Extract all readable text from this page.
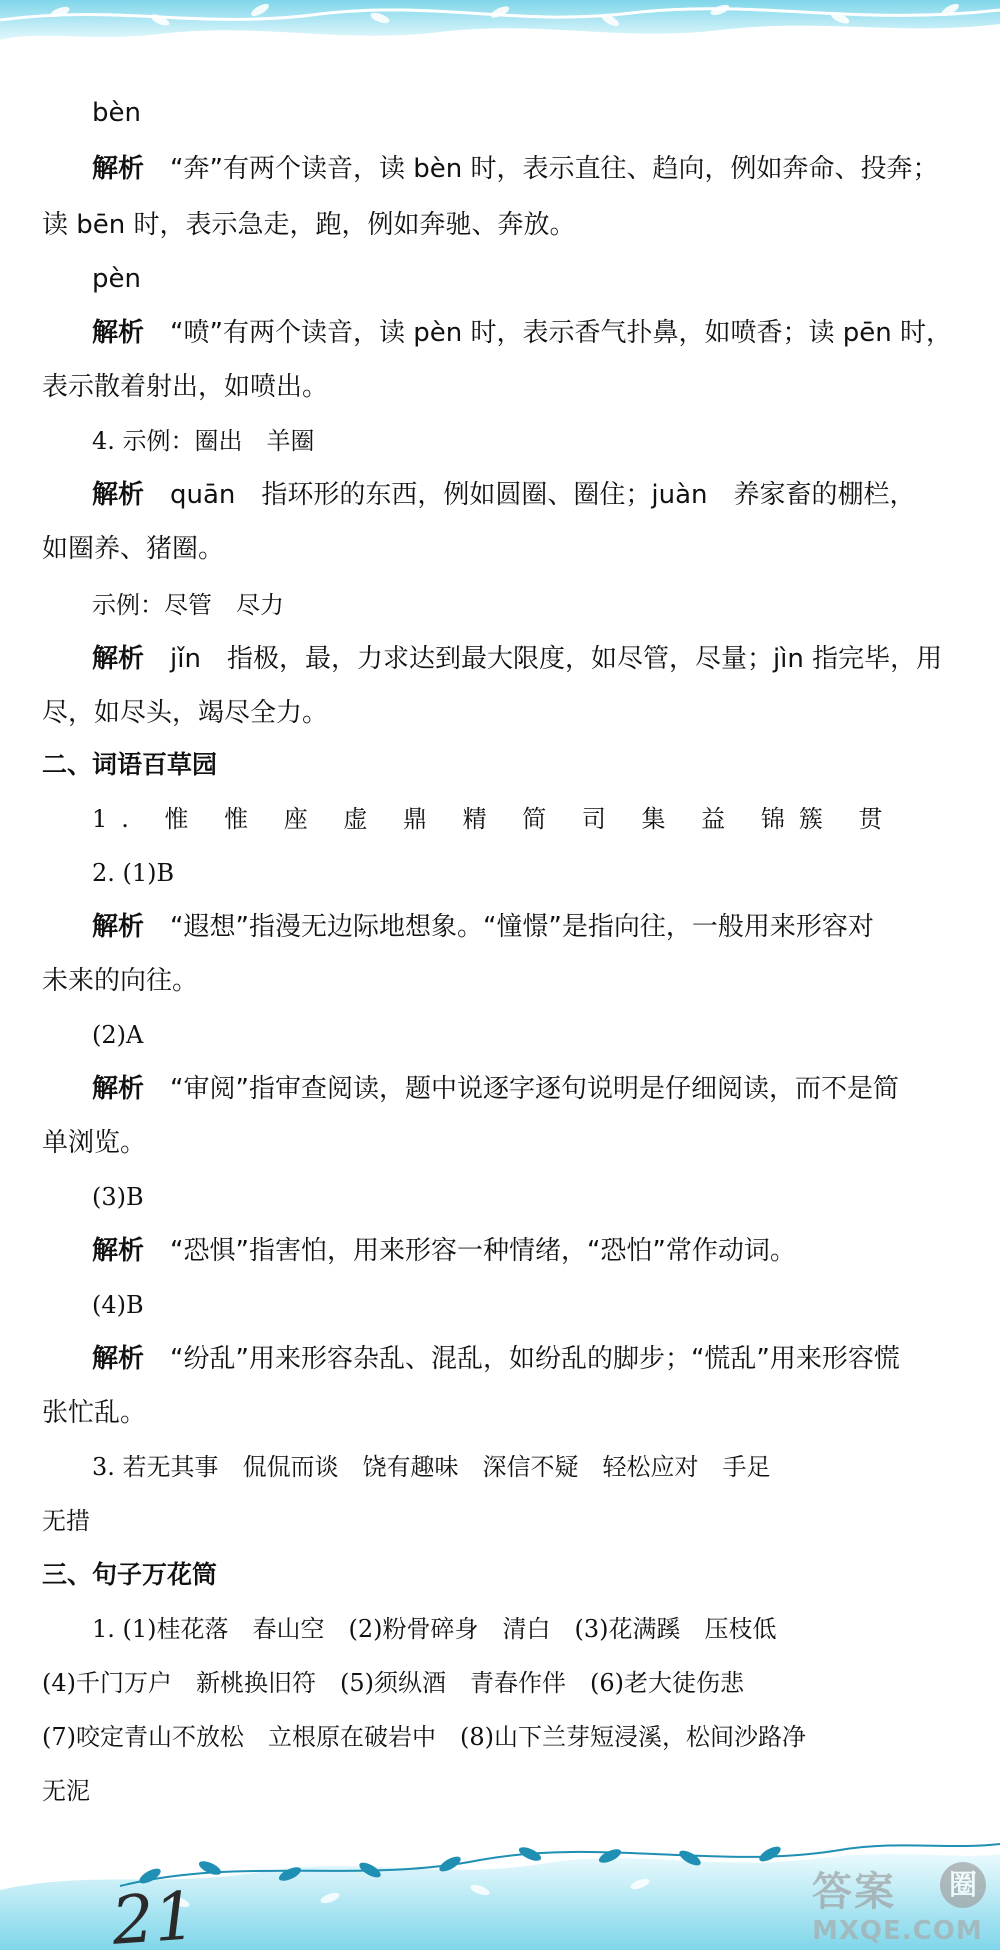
bèn
解析 “奔”有两个读音，读 bèn 时，表示直往、趋向，例如奔命、投奔；
读 bēn 时，表示急走，跑，例如奔驰、奔放。
pèn
解析 “喷”有两个读音，读 pèn 时，表示香气扑鼻，如喷香；读 pēn 时，
表示散着射出，如喷出。
4. 示例：圈出　羊圈
解析 quān　指环形的东西，例如圆圈、圈住；juàn　养家畜的棚栏，
如圈养、猪圈。
示例：尽管　尽力
解析 jǐn　指极，最，力求达到最大限度，如尽管，尽量；jìn 指完毕，用
尽，如尽头，竭尽全力。
二、词语百草园
1. 惟 惟 座 虚 鼎 精 简 司 集 益 锦簇 贯
2. (1)B
解析 “遐想”指漫无边际地想象。“憧憬”是指向往，一般用来形容对
未来的向往。
(2)A
解析 “审阅”指审查阅读，题中说逐字逐句说明是仔细阅读，而不是简
单浏览。
(3)B
解析 “恐惧”指害怕，用来形容一种情绪，“恐怕”常作动词。
(4)B
解析 “纷乱”用来形容杂乱、混乱，如纷乱的脚步；“慌乱”用来形容慌
张忙乱。
3. 若无其事　侃侃而谈　饶有趣味　深信不疑　轻松应对　手足
无措
三、句子万花筒
1. (1)桂花落　春山空　(2)粉骨碎身　清白　(3)花满蹊　压枝低
(4)千门万户　新桃换旧符　(5)须纵酒　青春作伴　(6)老大徒伤悲
(7)咬定青山不放松　立根原在破岩中　(8)山下兰芽短浸溪，松间沙路净
无泥
21	答案	圈
MXQE.COM
